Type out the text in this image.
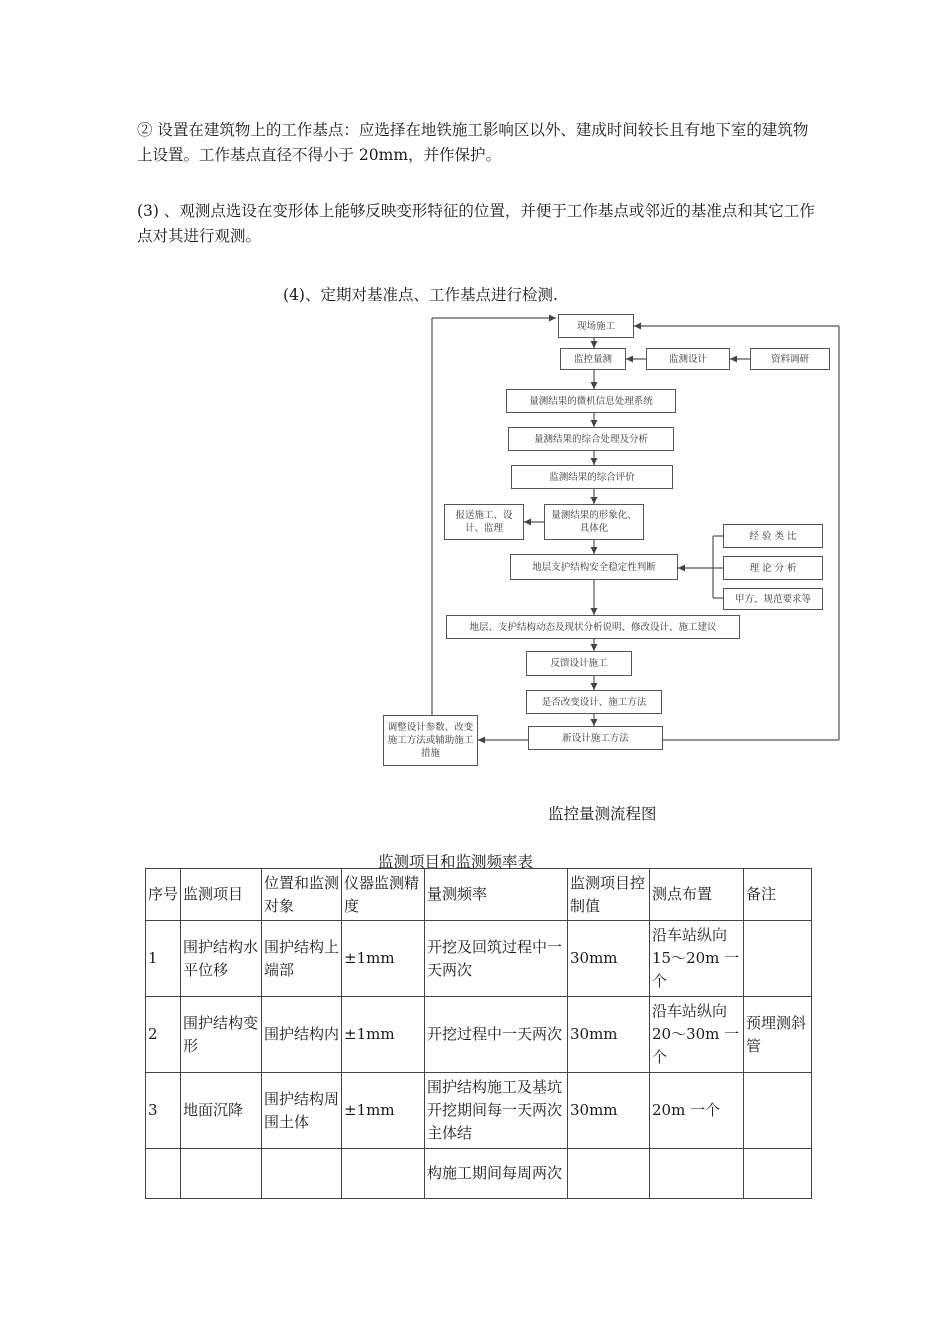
② 设置在建筑物上的工作基点：应选择在地铁施工影响区以外、建成时间较长且有地下室的建筑物上设置。工作基点直径不得小于 20mm，并作保护。

(3) 、观测点选设在变形体上能够反映变形特征的位置，并便于工作基点或邻近的基准点和其它工作点对其进行观测。

(4)、定期对基准点、工作基点进行检测.

现场施工
监控量测	监测设计	资料调研
量测结果的微机信息处理系统
量测结果的综合处理及分析
监测结果的综合评价
量测结果的形象化、具体化
报送施工、设计、监理
地层支护结构安全稳定性判断
经 验 类 比
理 论 分 析
甲方、规范要求等
地层、支护结构动态及现状分析说明、修改设计、施工建议
反馈设计施工
是否改变设计、施工方法
新设计施工方法
调整设计参数、改变施工方法或辅助施工措施
监控量测流程图
监测项目和监测频率表
序号	监测项目	位置和监测对象	仪器监测精度	量测频率	监测项目控制值	测点布置	备注
1	围护结构水平位移	围护结构上端部	±1mm	开挖及回筑过程中一天两次	30mm	沿车站纵向15～20m 一个	
2	围护结构变形	围护结构内	±1mm	开挖过程中一天两次	30mm	沿车站纵向20～30m 一个	预埋测斜管
3	地面沉降	围护结构周围土体	±1mm	围护结构施工及基坑开挖期间每一天两次主体结	30mm	20m 一个	
				构施工期间每周两次			
